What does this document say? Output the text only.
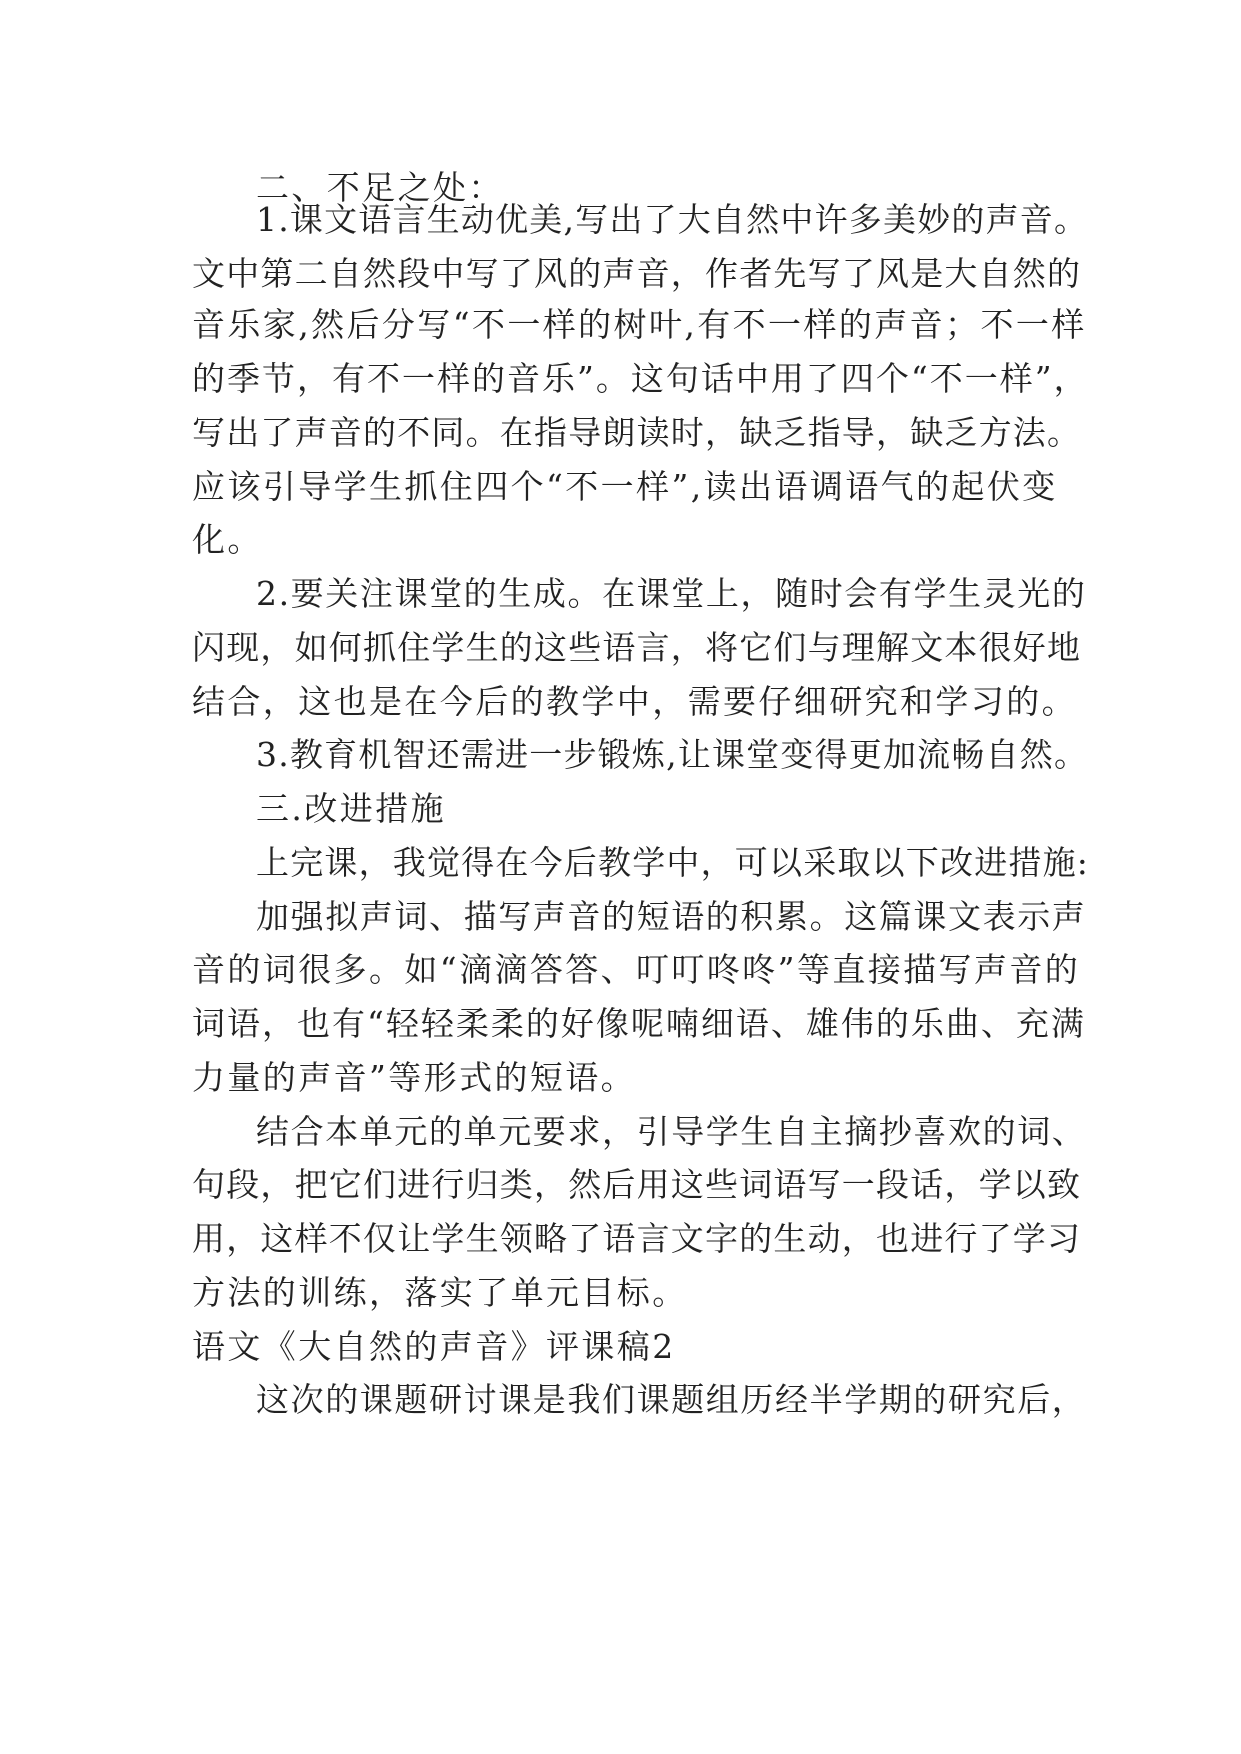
二、不足之处：
1.课文语言生动优美,写出了大自然中许多美妙的声音。
文中第二自然段中写了风的声音，作者先写了风是大自然的
音乐家,然后分写“不一样的树叶,有不一样的声音；不一样
的季节，有不一样的音乐”。这句话中用了四个“不一样”，
写出了声音的不同。在指导朗读时，缺乏指导，缺乏方法。
应该引导学生抓住四个“不一样”,读出语调语气的起伏变
化。
2.要关注课堂的生成。在课堂上，随时会有学生灵光的
闪现，如何抓住学生的这些语言，将它们与理解文本很好地
结合，这也是在今后的教学中，需要仔细研究和学习的。
3.教育机智还需进一步锻炼,让课堂变得更加流畅自然。
三.改进措施
上完课，我觉得在今后教学中，可以采取以下改进措施:
加强拟声词、描写声音的短语的积累。这篇课文表示声
音的词很多。如“滴滴答答、叮叮咚咚”等直接描写声音的
词语，也有“轻轻柔柔的好像呢喃细语、雄伟的乐曲、充满
力量的声音”等形式的短语。
结合本单元的单元要求，引导学生自主摘抄喜欢的词、
句段，把它们进行归类，然后用这些词语写一段话，学以致
用，这样不仅让学生领略了语言文字的生动，也进行了学习
方法的训练，落实了单元目标。
语文《大自然的声音》评课稿2
这次的课题研讨课是我们课题组历经半学期的研究后，
